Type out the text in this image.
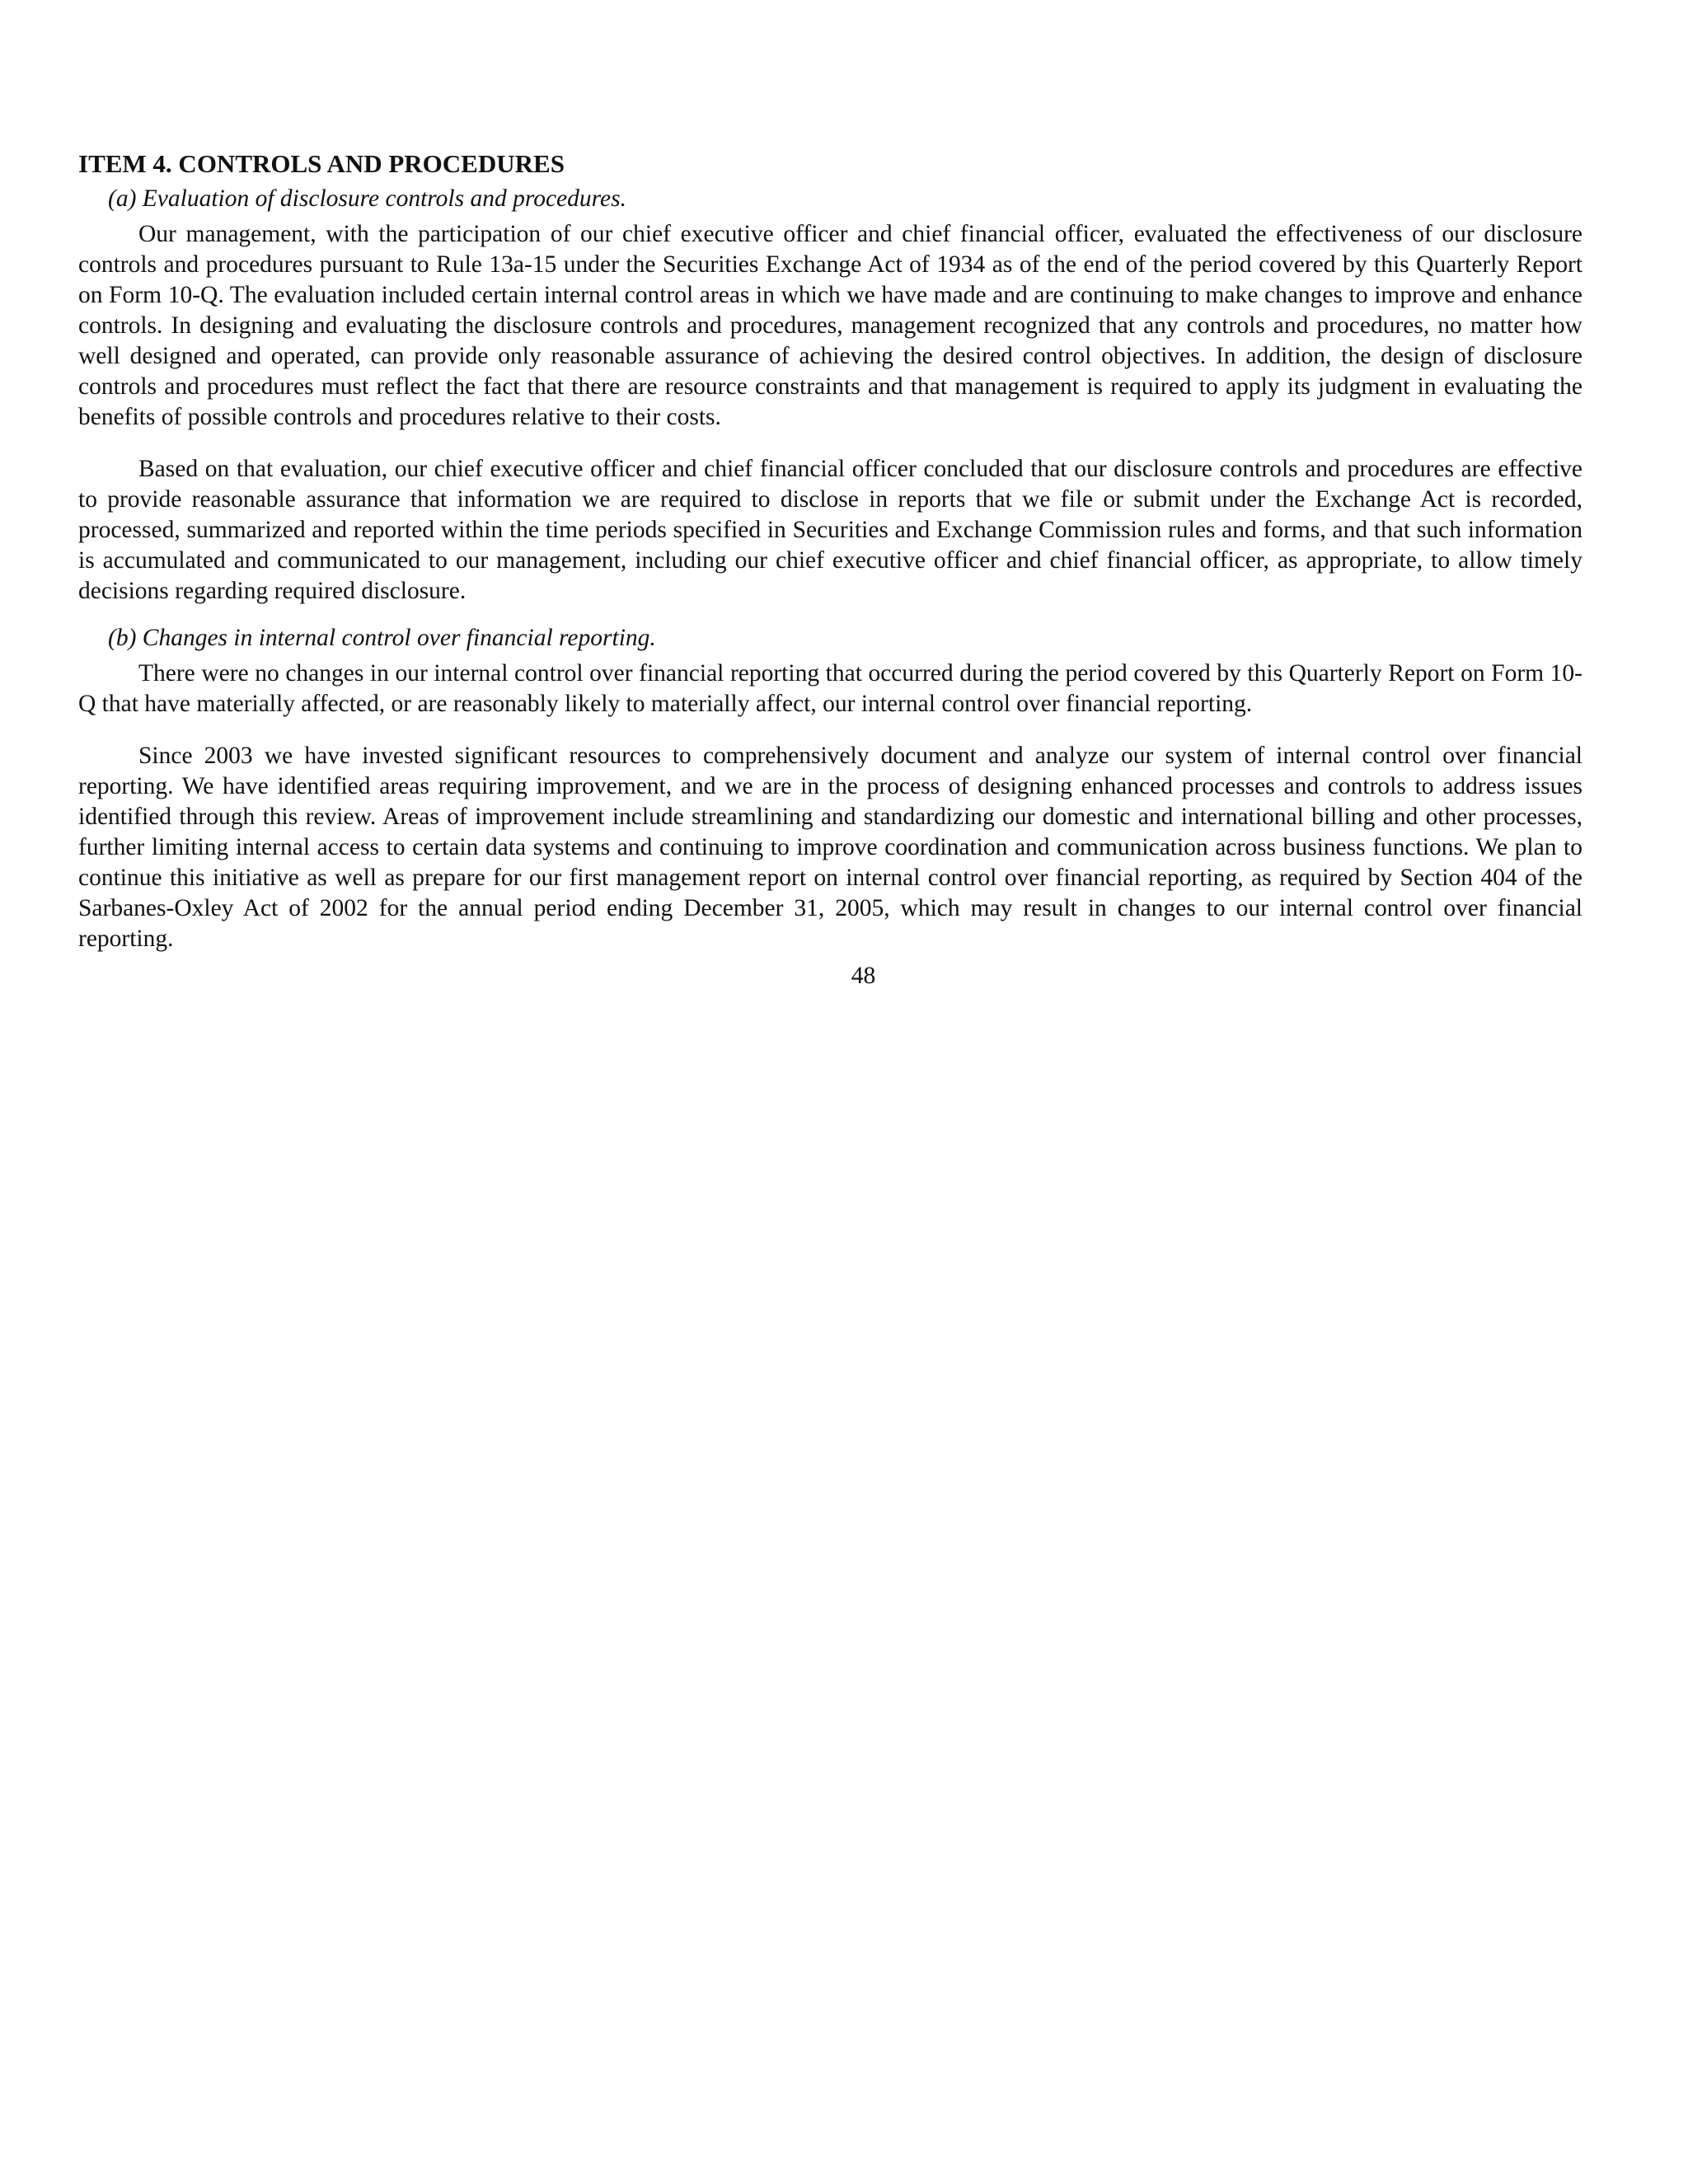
ITEM 4. CONTROLS AND PROCEDURES
(a) Evaluation of disclosure controls and procedures.

Our management, with the participation of our chief executive officer and chief financial officer, evaluated the effectiveness of our disclosure controls and procedures pursuant to Rule 13a-15 under the Securities Exchange Act of 1934 as of the end of the period covered by this Quarterly Report on Form 10-Q. The evaluation included certain internal control areas in which we have made and are continuing to make changes to improve and enhance controls. In designing and evaluating the disclosure controls and procedures, management recognized that any controls and procedures, no matter how well designed and operated, can provide only reasonable assurance of achieving the desired control objectives. In addition, the design of disclosure controls and procedures must reflect the fact that there are resource constraints and that management is required to apply its judgment in evaluating the benefits of possible controls and procedures relative to their costs.

Based on that evaluation, our chief executive officer and chief financial officer concluded that our disclosure controls and procedures are effective to provide reasonable assurance that information we are required to disclose in reports that we file or submit under the Exchange Act is recorded, processed, summarized and reported within the time periods specified in Securities and Exchange Commission rules and forms, and that such information is accumulated and communicated to our management, including our chief executive officer and chief financial officer, as appropriate, to allow timely decisions regarding required disclosure.

(b) Changes in internal control over financial reporting.

There were no changes in our internal control over financial reporting that occurred during the period covered by this Quarterly Report on Form 10-Q that have materially affected, or are reasonably likely to materially affect, our internal control over financial reporting.

Since 2003 we have invested significant resources to comprehensively document and analyze our system of internal control over financial reporting. We have identified areas requiring improvement, and we are in the process of designing enhanced processes and controls to address issues identified through this review. Areas of improvement include streamlining and standardizing our domestic and international billing and other processes, further limiting internal access to certain data systems and continuing to improve coordination and communication across business functions. We plan to continue this initiative as well as prepare for our first management report on internal control over financial reporting, as required by Section 404 of the Sarbanes-Oxley Act of 2002 for the annual period ending December 31, 2005, which may result in changes to our internal control over financial reporting.

48
